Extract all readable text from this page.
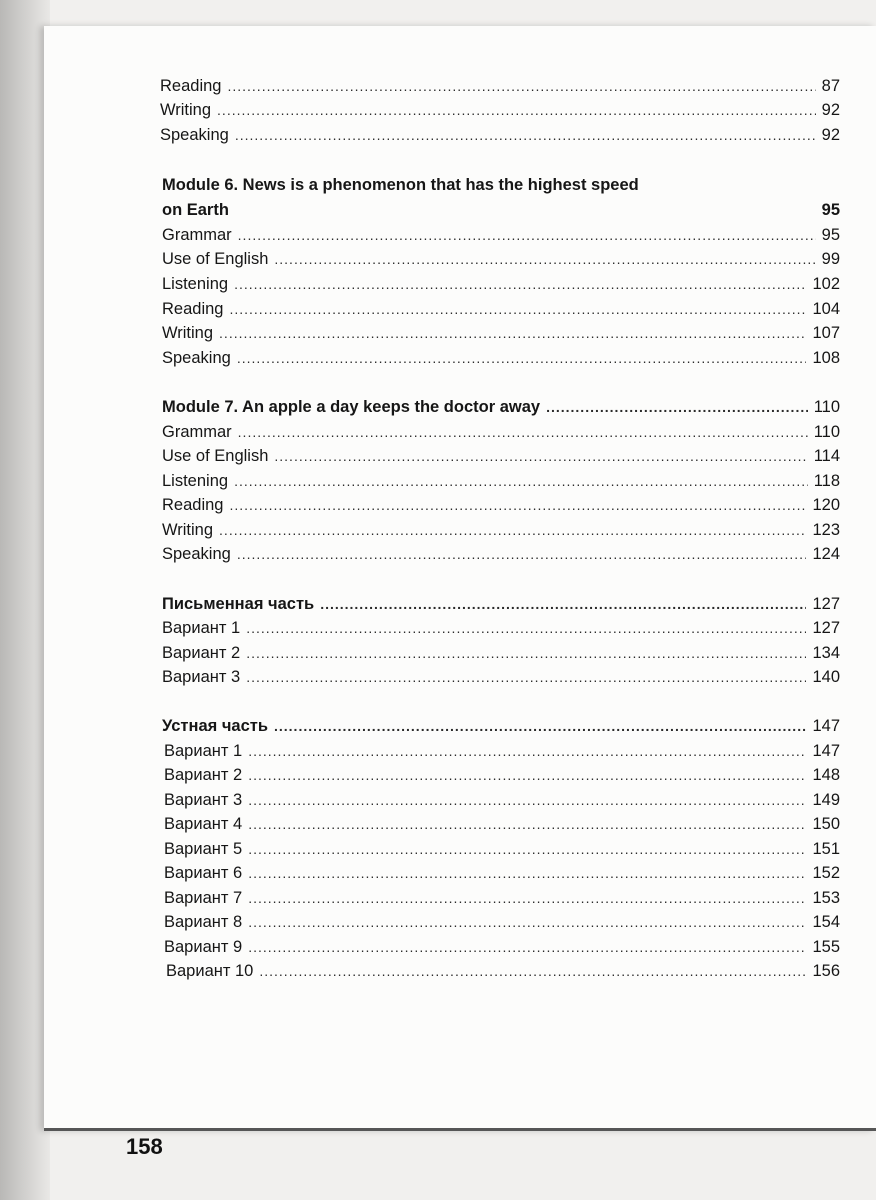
Reading .....	87
Writing .....	92
Speaking .....	92
Module 6. News is a phenomenon that has the highest speed
on Earth	95
Grammar .....	95
Use of English .....	99
Listening .....	102
Reading .....	104
Writing .....	107
Speaking .....	108
Module 7. An apple a day keeps the doctor away .....	110
Grammar .....	110
Use of English .....	114
Listening .....	118
Reading .....	120
Writing .....	123
Speaking .....	124
Письменная часть .....	127
Вариант 1 .....	127
Вариант 2 .....	134
Вариант 3 .....	140
Устная часть .....	147
Вариант 1 .....	147
Вариант 2 .....	148
Вариант 3 .....	149
Вариант 4 .....	150
Вариант 5 .....	151
Вариант 6 .....	152
Вариант 7 .....	153
Вариант 8 .....	154
Вариант 9 .....	155
Вариант 10 .....	156
158
